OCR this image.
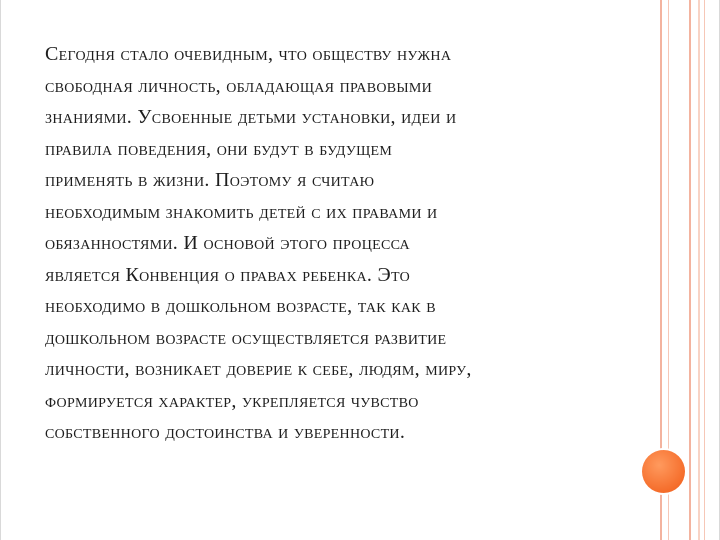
Сегодня стало очевидным, что обществу нужна
свободная личность, обладающая правовыми
знаниями. Усвоенные детьми установки, идеи и
правила поведения, они будут в будущем
применять в жизни. Поэтому я считаю
необходимым знакомить детей с их правами и
обязанностями. И основой этого процесса
является Конвенция о правах ребенка. Это
необходимо в дошкольном возрасте, так как в
дошкольном возрасте осуществляется развитие
личности, возникает доверие к себе, людям, миру,
формируется характер, укрепляется чувство
собственного достоинства и уверенности.
